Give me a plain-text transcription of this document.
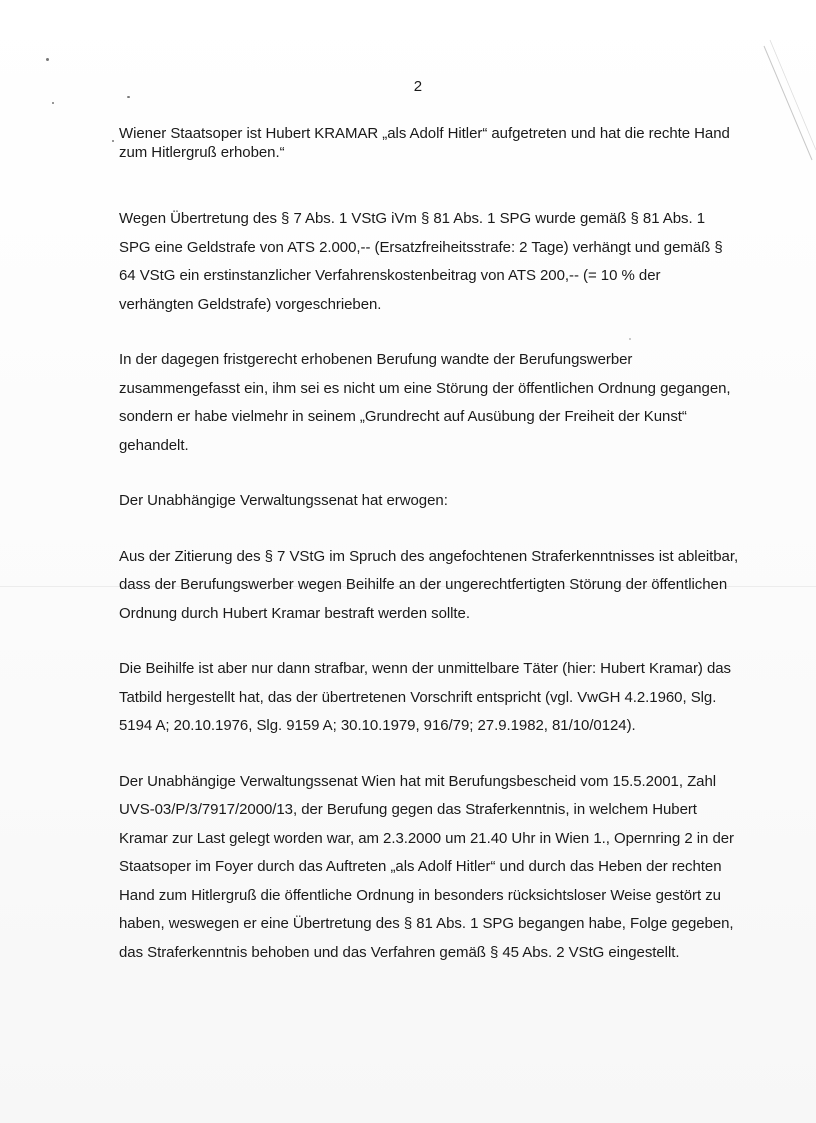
2

Wiener Staatsoper ist Hubert KRAMAR „als Adolf Hitler“ aufgetreten und hat die rechte Hand zum Hitlergruß erhoben.“

Wegen Übertretung des § 7 Abs. 1 VStG iVm § 81 Abs. 1 SPG wurde gemäß § 81 Abs. 1 SPG eine Geldstrafe von ATS 2.000,-- (Ersatzfreiheitsstrafe: 2 Tage) verhängt und gemäß § 64 VStG ein erstinstanzlicher Verfahrenskostenbeitrag von ATS 200,-- (= 10 % der verhängten Geldstrafe) vorgeschrieben.

In der dagegen fristgerecht erhobenen Berufung wandte der Berufungswerber zusammengefasst ein, ihm sei es nicht um eine Störung der öffentlichen Ordnung gegangen, sondern er habe vielmehr in seinem „Grundrecht auf Ausübung der Freiheit der Kunst“ gehandelt.

Der Unabhängige Verwaltungssenat hat erwogen:

Aus der Zitierung des § 7 VStG im Spruch des angefochtenen Straferkenntnisses ist ableitbar, dass der Berufungswerber wegen Beihilfe an der ungerechtfertigten Störung der öffentlichen Ordnung durch Hubert Kramar bestraft werden sollte.

Die Beihilfe ist aber nur dann strafbar, wenn der unmittelbare Täter (hier: Hubert Kramar) das Tatbild hergestellt hat, das der übertretenen Vorschrift entspricht (vgl. VwGH 4.2.1960, Slg. 5194 A; 20.10.1976, Slg. 9159 A; 30.10.1979, 916/79; 27.9.1982, 81/10/0124).

Der Unabhängige Verwaltungssenat Wien hat mit Berufungsbescheid vom 15.5.2001, Zahl UVS-03/P/3/7917/2000/13, der Berufung gegen das Straferkenntnis, in welchem Hubert Kramar zur Last gelegt worden war, am 2.3.2000 um 21.40 Uhr in Wien 1., Opernring 2 in der Staatsoper im Foyer durch das Auftreten „als Adolf Hitler“ und durch das Heben der rechten Hand zum Hitlergruß die öffentliche Ordnung in besonders rücksichtsloser Weise gestört zu haben, weswegen er eine Übertretung des § 81 Abs. 1 SPG begangen habe, Folge gegeben, das Straferkenntnis behoben und das Verfahren gemäß § 45 Abs. 2 VStG eingestellt.
